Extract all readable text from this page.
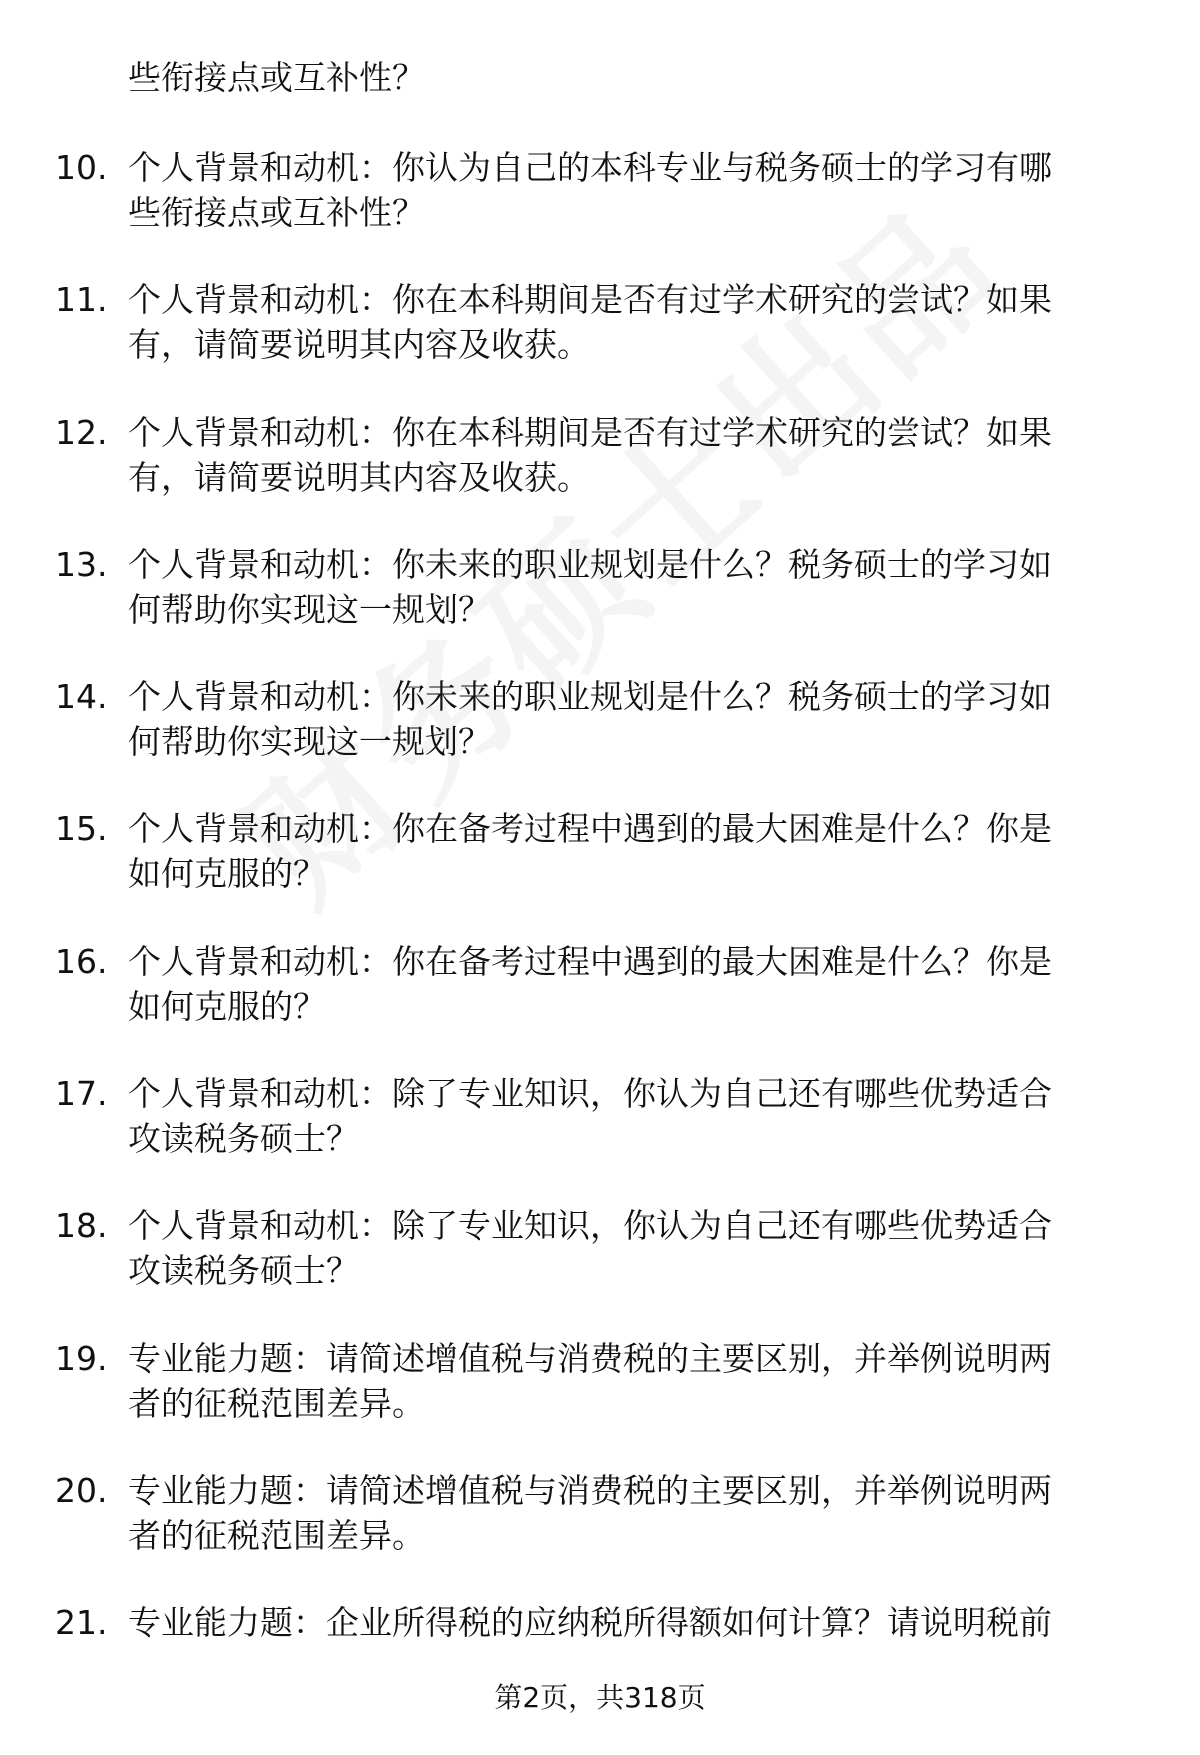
些衔接点或互补性？
10. 个人背景和动机：你认为自己的本科专业与税务硕士的学习有哪
些衔接点或互补性？
11. 个人背景和动机：你在本科期间是否有过学术研究的尝试？如果
有，请简要说明其内容及收获。
12. 个人背景和动机：你在本科期间是否有过学术研究的尝试？如果
有，请简要说明其内容及收获。
13. 个人背景和动机：你未来的职业规划是什么？税务硕士的学习如
何帮助你实现这一规划？
14. 个人背景和动机：你未来的职业规划是什么？税务硕士的学习如
何帮助你实现这一规划？
15. 个人背景和动机：你在备考过程中遇到的最大困难是什么？你是
如何克服的？
16. 个人背景和动机：你在备考过程中遇到的最大困难是什么？你是
如何克服的？
17. 个人背景和动机：除了专业知识，你认为自己还有哪些优势适合
攻读税务硕士？
18. 个人背景和动机：除了专业知识，你认为自己还有哪些优势适合
攻读税务硕士？
19. 专业能力题：请简述增值税与消费税的主要区别，并举例说明两
者的征税范围差异。
20. 专业能力题：请简述增值税与消费税的主要区别，并举例说明两
者的征税范围差异。
21. 专业能力题：企业所得税的应纳税所得额如何计算？请说明税前
第2页，共318页
